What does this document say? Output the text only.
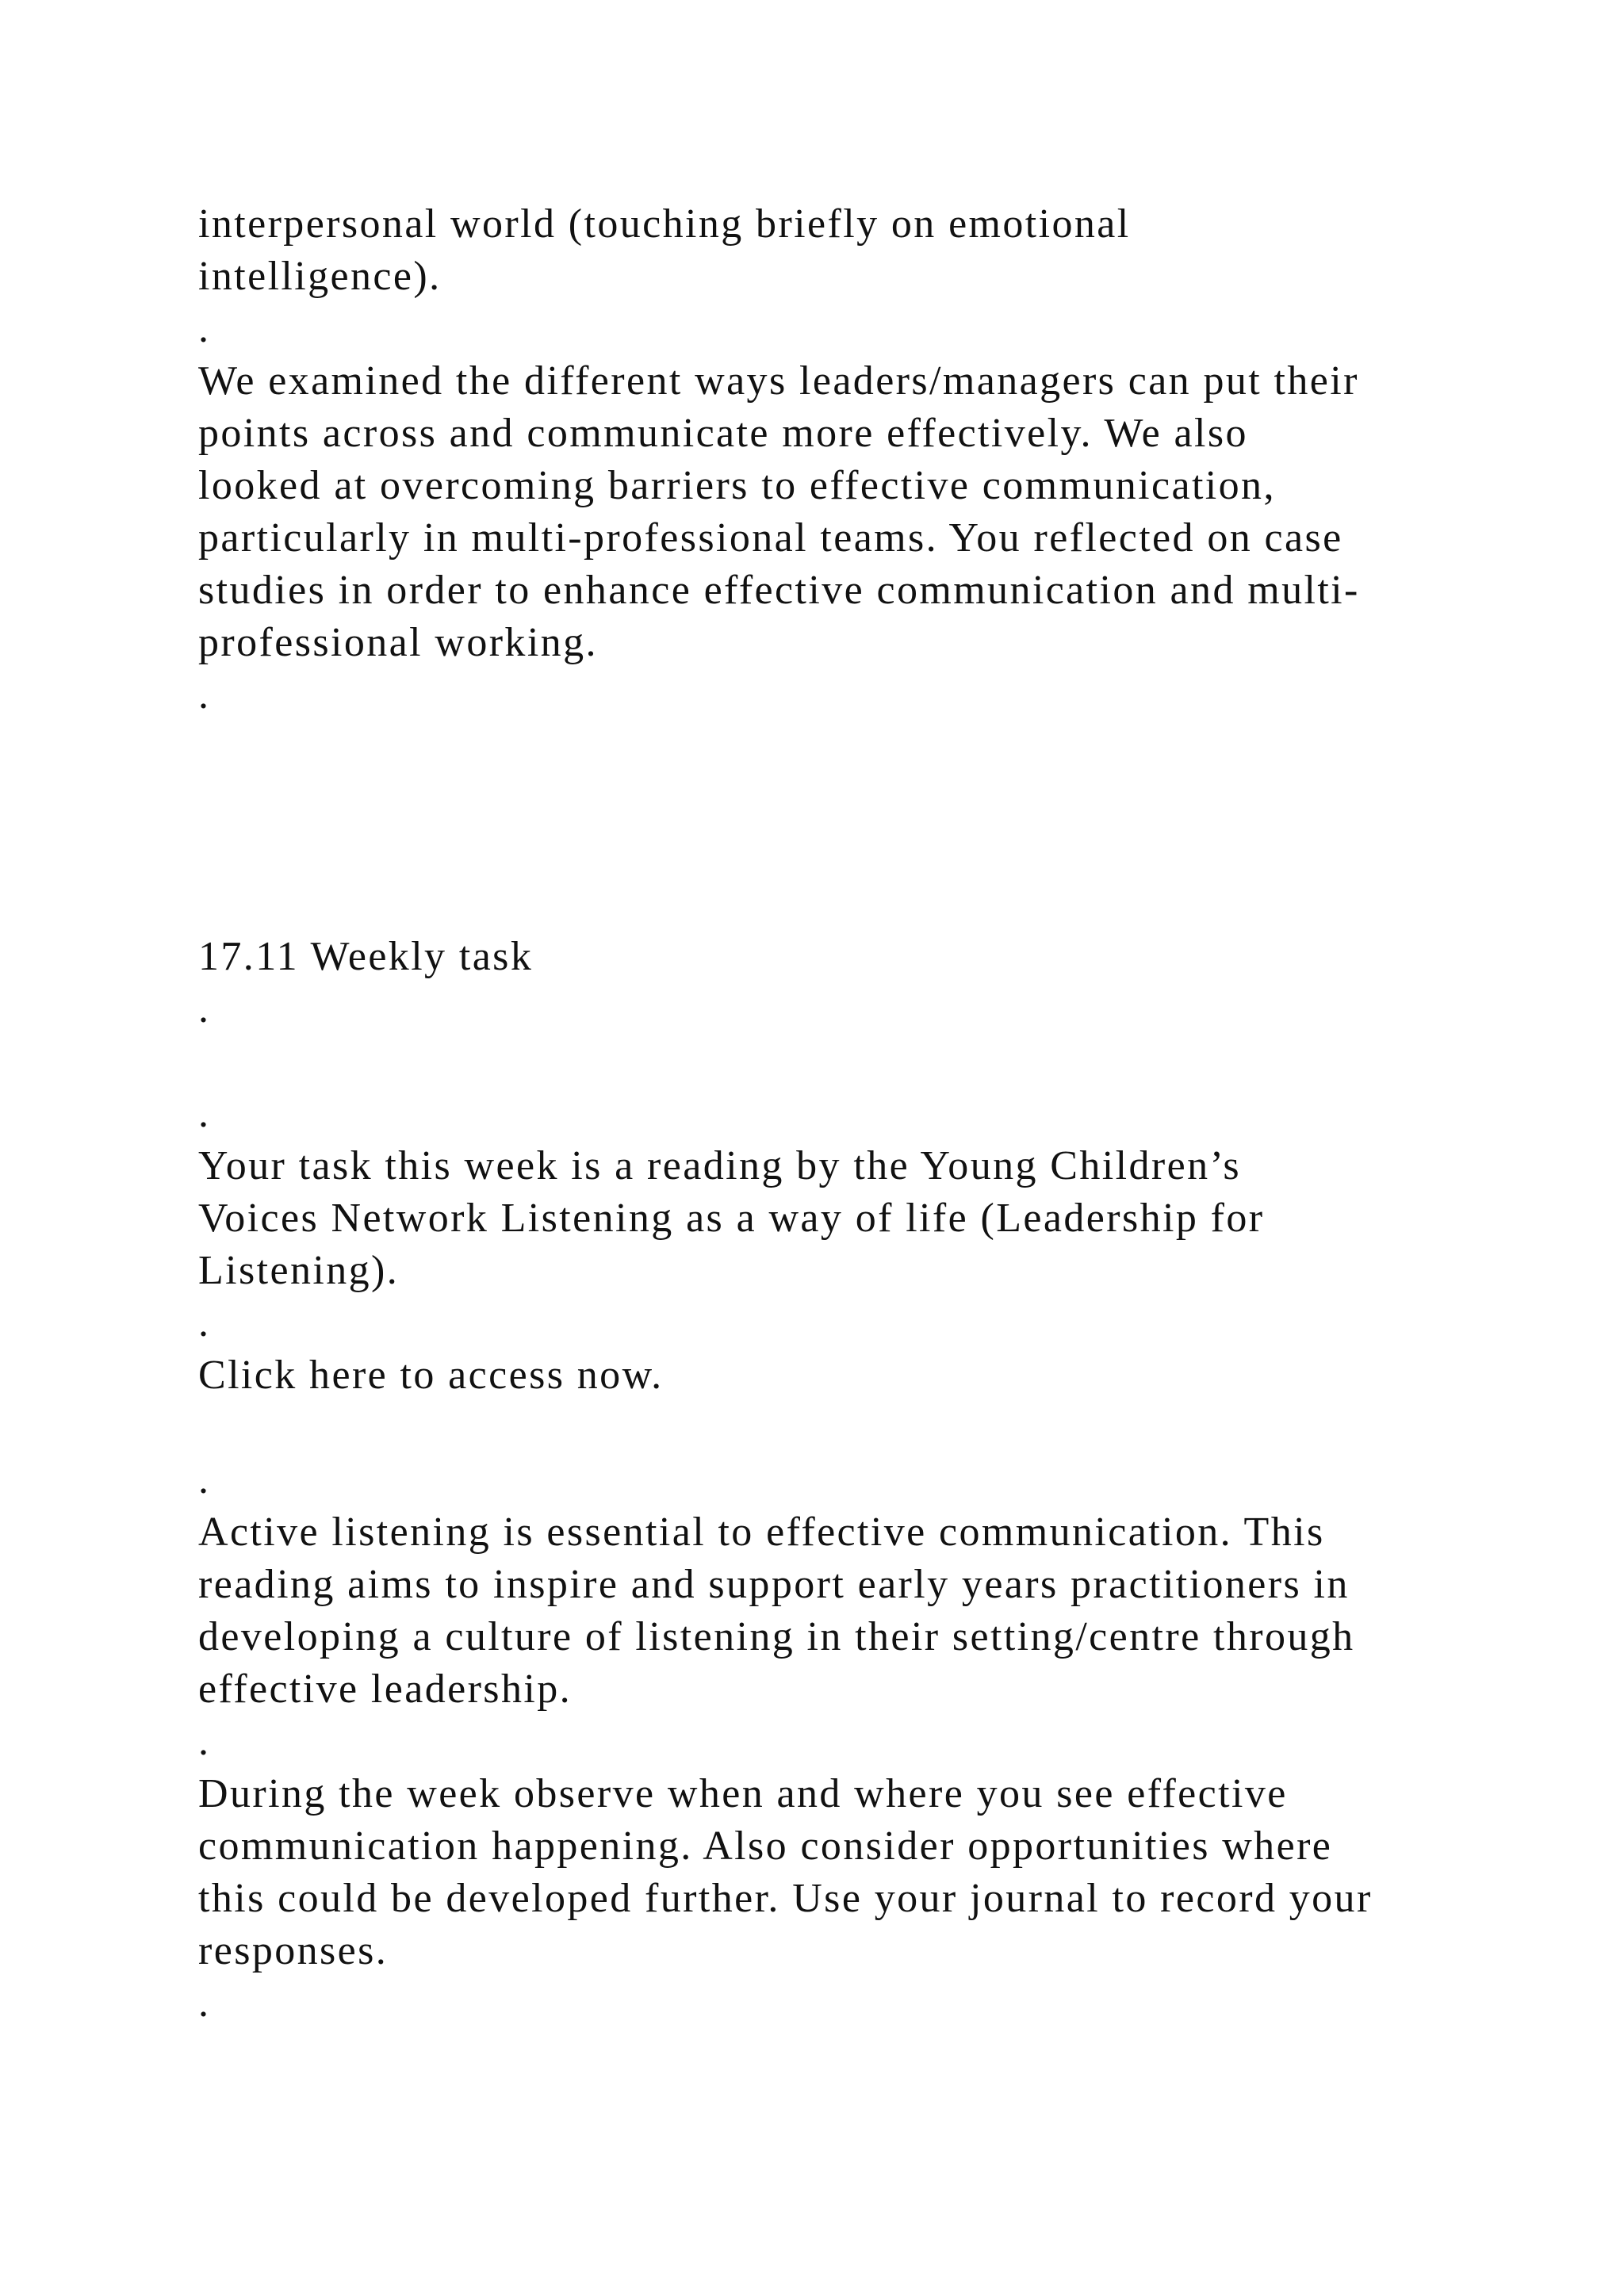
interpersonal world (touching briefly on emotional

intelligence).

.

We examined the different ways leaders/managers can put their

points across and communicate more effectively. We also

looked at overcoming barriers to effective communication,

particularly in multi-professional teams. You reflected on case

studies in order to enhance effective communication and multi-

professional working.

.

17.11 Weekly task

.

.

Your task this week is a reading by the Young Children’s

Voices Network Listening as a way of life (Leadership for

Listening).

.

Click here to access now.

.

Active listening is essential to effective communication. This

reading aims to inspire and support early years practitioners in

developing a culture of listening in their setting/centre through

effective leadership.

.

During the week observe when and where you see effective

communication happening. Also consider opportunities where

this could be developed further. Use your journal to record your

responses.

.
